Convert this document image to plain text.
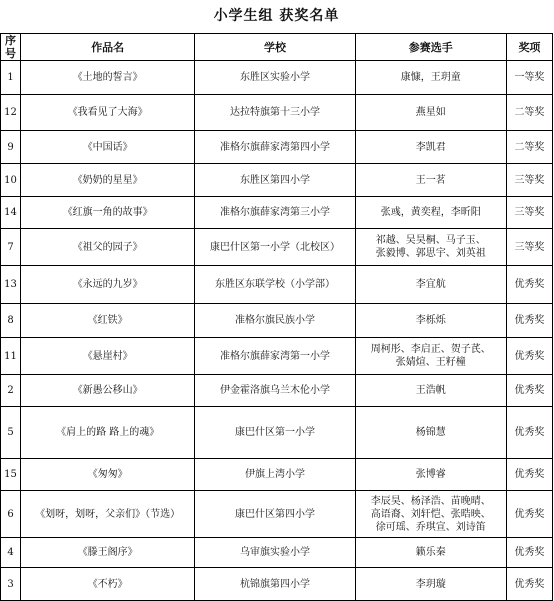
小学生组 获奖名单
序号	作品名	学校	参赛选手	奖项
1	《土地的誓言》	东胜区实验小学	康慷，王玥童	一等奖
12	《我看见了大海》	达拉特旗第十三小学	燕星如	二等奖
9	《中国话》	准格尔旗薛家湾第四小学	李凯君	二等奖
10	《奶奶的星星》	东胜区第四小学	王一茗	三等奖
14	《红旗一角的故事》	准格尔旗薛家湾第三小学	张彧，黄奕程，李昕阳	三等奖
7	《祖父的园子》	康巴什区第一小学（北校区）	祁越、吴昊桐、马子玉、
张毅博、郭思宇、刘英祖	三等奖
13	《永远的九岁》	东胜区东联学校（小学部）	李宜航	优秀奖
8	《红铁》	准格尔旗民族小学	李栎烁	优秀奖
11	《悬崖村》	准格尔旗薛家湾第一小学	周柯彤、李启正、贺子芪、
张婧煊、王籽橦	优秀奖
2	《新愚公移山》	伊金霍洛旗乌兰木伦小学	王浩帆	优秀奖
5	《肩上的路 路上的魂》	康巴什区第一小学	杨锦慧	优秀奖
15	《匆匆》	伊旗上湾小学	张博睿	优秀奖
6	《划呀，划呀，父亲们》（节选）	康巴什区第四小学	李辰昊、杨泽浩、苗晚晴、
高语裔、刘轩恺、张晧映、
徐可瑶、乔琪宣、刘诗笛	优秀奖
4	《滕王阁序》	乌审旗实验小学	籁乐秦	优秀奖
3	《不朽》	杭锦旗第四小学	李玥璇	优秀奖
